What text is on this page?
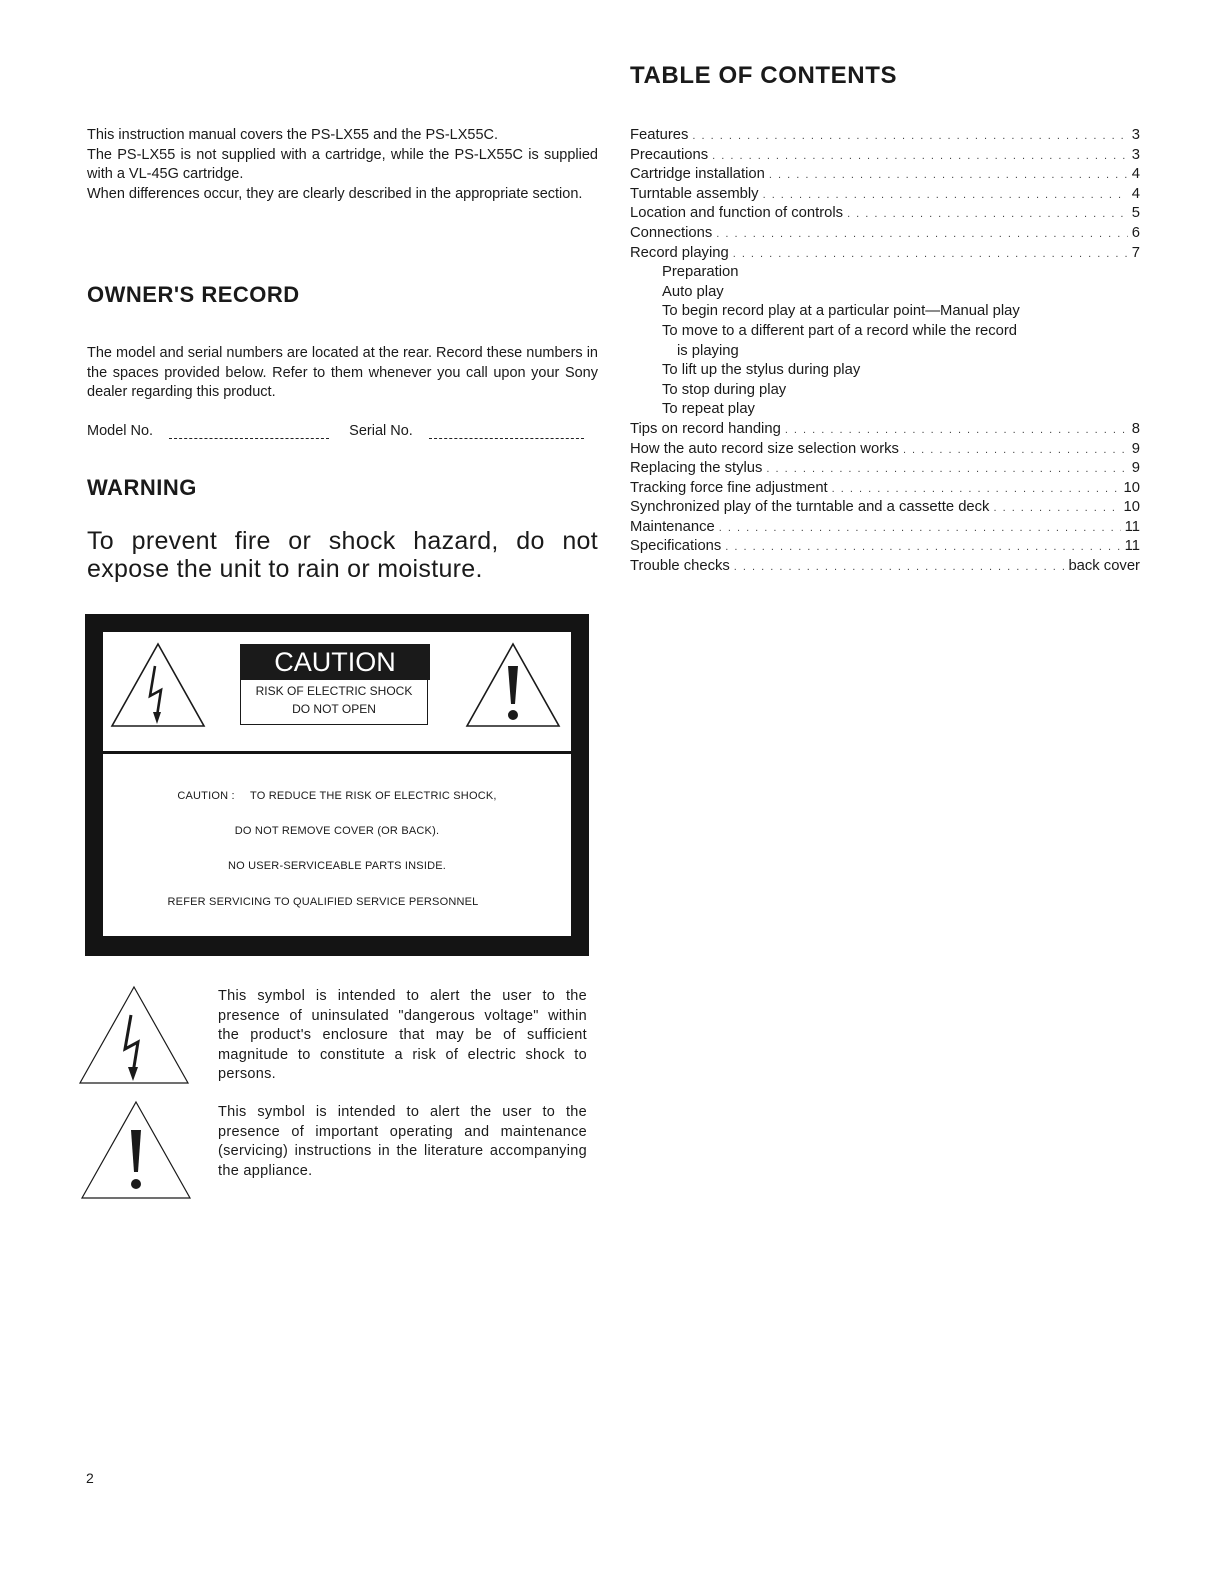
This instruction manual covers the PS-LX55 and the PS-LX55C.

The PS-LX55 is not supplied with a cartridge, while the PS-LX55C is supplied with a VL-45G cartridge.

When differences occur, they are clearly described in the appropriate section.

OWNER'S RECORD

The model and serial numbers are located at the rear. Record these numbers in the spaces provided below. Refer to them whenever you call upon your Sony dealer regarding this product.

Model No.	Serial No.
WARNING

To prevent fire or shock hazard, do not expose the unit to rain or moisture.

CAUTION
RISK OF ELECTRIC SHOCK
DO NOT OPEN
CAUTION : TO REDUCE THE RISK OF ELECTRIC SHOCK,
DO NOT REMOVE COVER (OR BACK).
NO USER-SERVICEABLE PARTS INSIDE.
REFER SERVICING TO QUALIFIED SERVICE PERSONNEL

This symbol is intended to alert the user to the presence of uninsulated "dangerous voltage" within the product's enclosure that may be of sufficient magnitude to constitute a risk of electric shock to persons.

This symbol is intended to alert the user to the presence of important operating and maintenance (servicing) instructions in the literature accompanying the appliance.

TABLE OF CONTENTS
Features . . .	3
Precautions . . .	3
Cartridge installation . . .	4
Turntable assembly . . .	4
Location and function of controls . . .	5
Connections . . .	6
Record playing . . .	7
Preparation
Auto play
To begin record play at a particular point—Manual play
To move to a different part of a record while the record
is playing
To lift up the stylus during play
To stop during play
To repeat play
Tips on record handing . . .	8
How the auto record size selection works . . .	9
Replacing the stylus . . .	9
Tracking force fine adjustment . . .	10
Synchronized play of the turntable and a cassette deck . . .	10
Maintenance . . .	11
Specifications . . .	11
Trouble checks . . .	back cover
2
